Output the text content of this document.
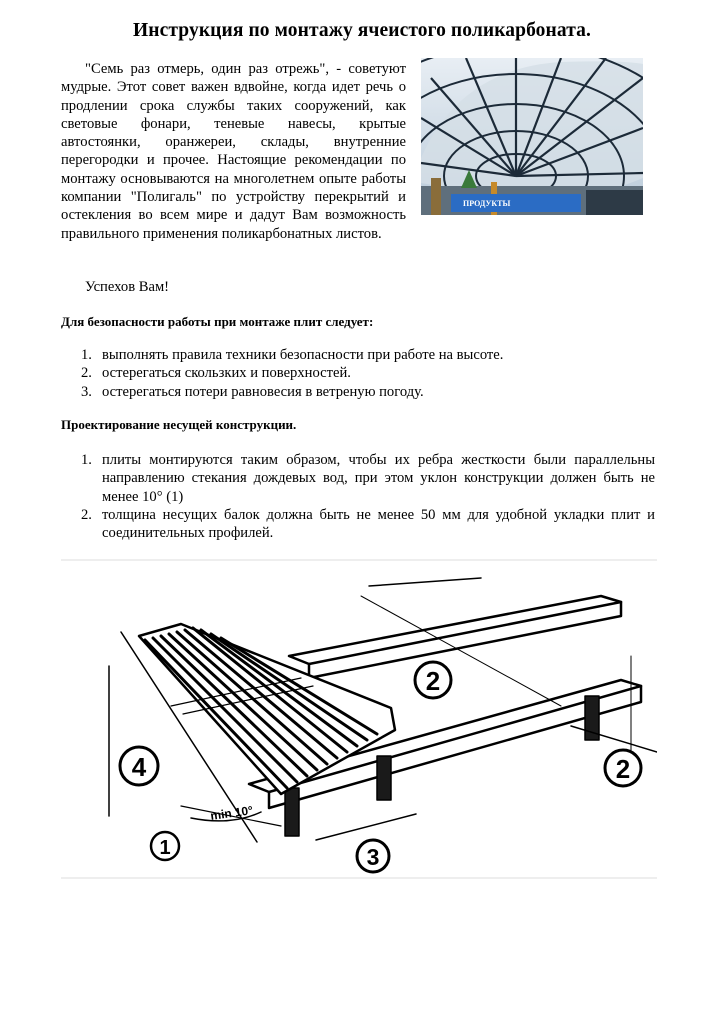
Инструкция по монтажу ячеистого поликарбоната.

"Семь раз отмерь, один раз отрежь", - советуют мудрые. Этот совет важен вдвойне, когда идет речь о продлении срока службы таких сооружений, как световые фонари, теневые навесы, крытые автостоянки, оранжереи, склады, внутренние перегородки и прочее. Настоящие рекомендации по монтажу основываются на многолетнем опыте работы компании "Полигаль" по устройству перекрытий и остекления во всем мире и дадут Вам возможность правильного применения поликарбонатных листов.

ПРОДУКТЫ
Успехов Вам!
Для безопасности работы при монтаже плит следует:
1. выполнять правила техники безопасности при работе на высоте.
2. остерегаться скользких и поверхностей.
3. остерегаться потери равновесия в ветреную погоду.
Проектирование несущей конструкции.
1. плиты монтируются таким образом, чтобы их ребра жесткости были параллельны направлению стекания дождевых вод, при этом уклон конструкции должен быть не менее 10° (1)
2. толщина несущих балок должна быть не менее 50 мм для удобной укладки плит и соединительных профилей.
2
2
4
1	3
min 10°
